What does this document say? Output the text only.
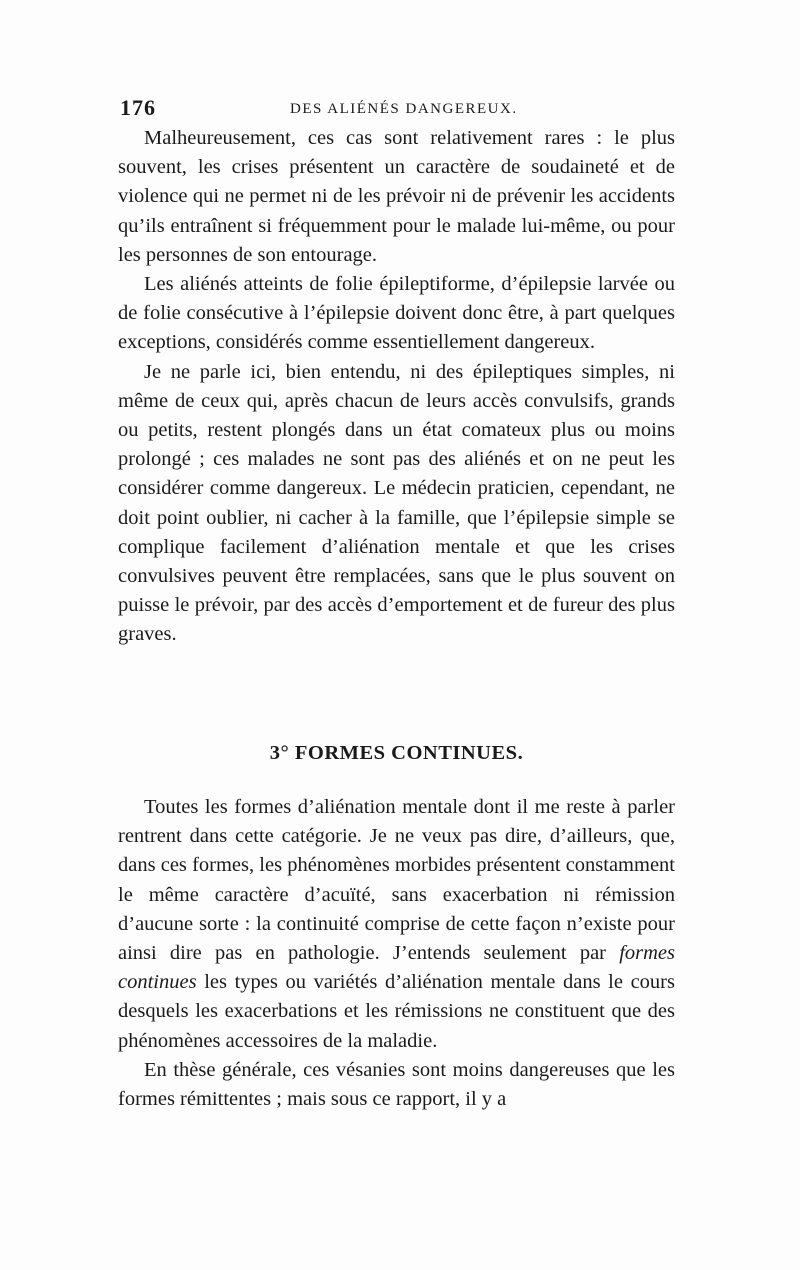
176	DES ALIÉNÉS DANGEREUX.

Malheureusement, ces cas sont relativement rares : le plus souvent, les crises présentent un caractère de soudaineté et de violence qui ne permet ni de les prévoir ni de prévenir les accidents qu’ils entraînent si fréquemment pour le malade lui-même, ou pour les personnes de son entourage.

Les aliénés atteints de folie épileptiforme, d’épilepsie larvée ou de folie consécutive à l’épilepsie doivent donc être, à part quelques exceptions, considérés comme essentiellement dangereux.

Je ne parle ici, bien entendu, ni des épileptiques simples, ni même de ceux qui, après chacun de leurs accès convulsifs, grands ou petits, restent plongés dans un état comateux plus ou moins prolongé ; ces malades ne sont pas des aliénés et on ne peut les considérer comme dangereux. Le médecin praticien, cependant, ne doit point oublier, ni cacher à la famille, que l’épilepsie simple se complique facilement d’aliénation mentale et que les crises convulsives peuvent être remplacées, sans que le plus souvent on puisse le prévoir, par des accès d’emportement et de fureur des plus graves.

3° FORMES CONTINUES.

Toutes les formes d’aliénation mentale dont il me reste à parler rentrent dans cette catégorie. Je ne veux pas dire, d’ailleurs, que, dans ces formes, les phénomènes morbides présentent constamment le même caractère d’acuïté, sans exacerbation ni rémission d’aucune sorte : la continuité comprise de cette façon n’existe pour ainsi dire pas en pathologie. J’entends seulement par formes continues les types ou variétés d’aliénation mentale dans le cours desquels les exacerbations et les rémissions ne constituent que des phénomènes accessoires de la maladie.

En thèse générale, ces vésanies sont moins dangereuses que les formes rémittentes ; mais sous ce rapport, il y a
